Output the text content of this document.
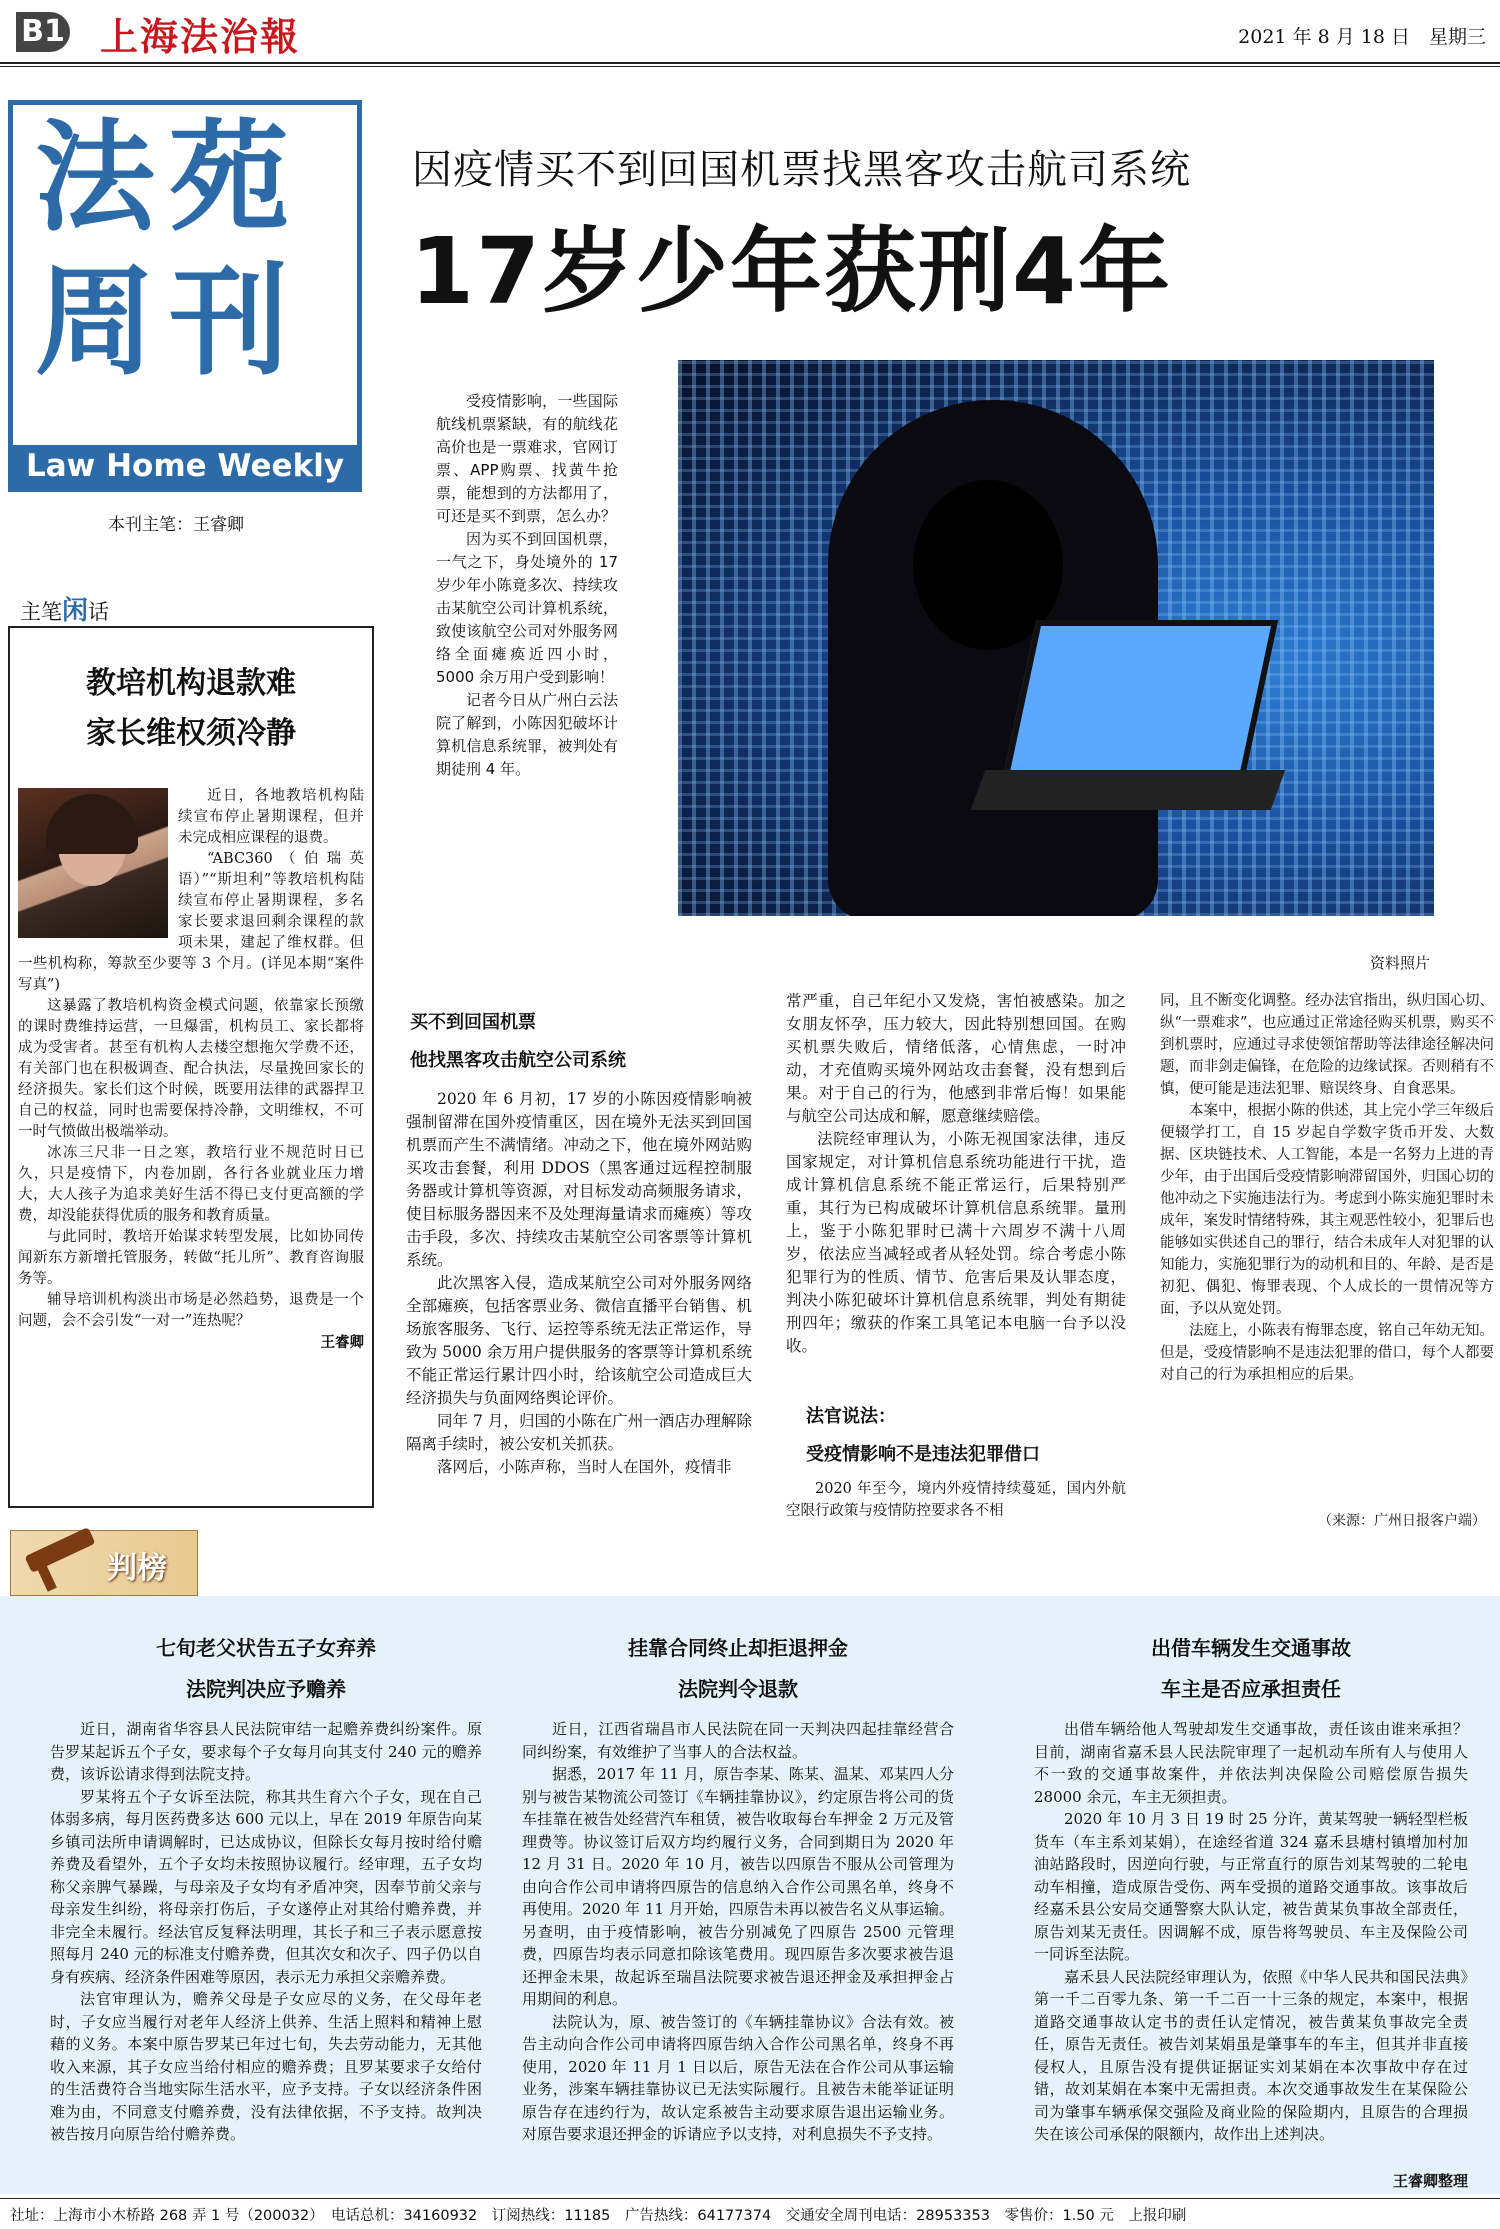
B1 上海法治報	2021 年 8 月 18 日　星期三
法苑
周刊
Law Home Weekly
本刊主笔：王睿卿
主笔闲话
教培机构退款难
家长维权须冷静

近日，各地教培机构陆续宣布停止暑期课程，但并未完成相应课程的退费。

“ABC360（伯瑞英语）”“斯坦利”等教培机构陆续宣布停止暑期课程，多名家长要求退回剩余课程的款项未果，建起了维权群。但一些机构称，筹款至少要等 3 个月。(详见本期“案件写真”)

这暴露了教培机构资金模式问题，依靠家长预缴的课时费维持运营，一旦爆雷，机构员工、家长都将成为受害者。甚至有机构人去楼空想拖欠学费不还，有关部门也在积极调查、配合执法，尽量挽回家长的经济损失。家长们这个时候，既要用法律的武器捍卫自己的权益，同时也需要保持冷静，文明维权，不可一时气愤做出极端举动。

冰冻三尺非一日之寒，教培行业不规范时日已久，只是疫情下，内卷加剧，各行各业就业压力增大，大人孩子为追求美好生活不得已支付更高额的学费，却没能获得优质的服务和教育质量。

与此同时，教培开始谋求转型发展，比如协同传闻新东方新增托管服务，转做“托儿所”、教育咨询服务等。

辅导培训机构淡出市场是必然趋势，退费是一个问题，会不会引发“一对一”连热呢？

王睿卿

因疫情买不到回国机票找黑客攻击航司系统
17岁少年获刑4年

受疫情影响，一些国际航线机票紧缺，有的航线花高价也是一票难求，官网订票、APP购票、找黄牛抢票，能想到的方法都用了，可还是买不到票，怎么办？

因为买不到回国机票，一气之下，身处境外的 17 岁少年小陈竟多次、持续攻击某航空公司计算机系统，致使该航空公司对外服务网络全面瘫痪近四小时，5000 余万用户受到影响！

记者今日从广州白云法院了解到，小陈因犯破坏计算机信息系统罪，被判处有期徒刑 4 年。

资料照片
买不到回国机票
他找黑客攻击航空公司系统

2020 年 6 月初，17 岁的小陈因疫情影响被强制留滞在国外疫情重区，因在境外无法买到回国机票而产生不满情绪。冲动之下，他在境外网站购买攻击套餐，利用 DDOS（黑客通过远程控制服务器或计算机等资源，对目标发动高频服务请求，使目标服务器因来不及处理海量请求而瘫痪）等攻击手段，多次、持续攻击某航空公司客票等计算机系统。

此次黑客入侵，造成某航空公司对外服务网络全部瘫痪，包括客票业务、微信直播平台销售、机场旅客服务、飞行、运控等系统无法正常运作，导致为 5000 余万用户提供服务的客票等计算机系统不能正常运行累计四小时，给该航空公司造成巨大经济损失与负面网络舆论评价。

同年 7 月，归国的小陈在广州一酒店办理解除隔离手续时，被公安机关抓获。

落网后，小陈声称，当时人在国外，疫情非

常严重，自己年纪小又发烧，害怕被感染。加之女朋友怀孕，压力较大，因此特别想回国。在购买机票失败后，情绪低落，心情焦虑，一时冲动，才充值购买境外网站攻击套餐，没有想到后果。对于自己的行为，他感到非常后悔！如果能与航空公司达成和解，愿意继续赔偿。

法院经审理认为，小陈无视国家法律，违反国家规定，对计算机信息系统功能进行干扰，造成计算机信息系统不能正常运行，后果特别严重，其行为已构成破坏计算机信息系统罪。量刑上，鉴于小陈犯罪时已满十六周岁不满十八周岁，依法应当减轻或者从轻处罚。综合考虑小陈犯罪行为的性质、情节、危害后果及认罪态度，判决小陈犯破坏计算机信息系统罪，判处有期徒刑四年；缴获的作案工具笔记本电脑一台予以没收。

法官说法：
受疫情影响不是违法犯罪借口

2020 年至今，境内外疫情持续蔓延，国内外航空限行政策与疫情防控要求各不相

同，且不断变化调整。经办法官指出，纵归国心切、纵“一票难求”，也应通过正常途径购买机票，购买不到机票时，应通过寻求使领馆帮助等法律途径解决问题，而非剑走偏锋，在危险的边缘试探。否则稍有不慎，便可能是违法犯罪、赔误终身、自食恶果。

本案中，根据小陈的供述，其上完小学三年级后便辍学打工，自 15 岁起自学数字货币开发、大数据、区块链技术、人工智能，本是一名努力上进的青少年，由于出国后受疫情影响滞留国外，归国心切的他冲动之下实施违法行为。考虑到小陈实施犯罪时未成年，案发时情绪特殊，其主观恶性较小，犯罪后也能够如实供述自己的罪行，结合未成年人对犯罪的认知能力，实施犯罪行为的动机和目的、年龄、是否是初犯、偶犯、悔罪表现、个人成长的一贯情况等方面，予以从宽处罚。

法庭上，小陈表有悔罪态度，铭自己年幼无知。但是，受疫情影响不是违法犯罪的借口，每个人都要对自己的行为承担相应的后果。

（来源：广州日报客户端）
判榜
七旬老父状告五子女弃养
法院判决应予赡养

近日，湖南省华容县人民法院审结一起赡养费纠纷案件。原告罗某起诉五个子女，要求每个子女每月向其支付 240 元的赡养费，该诉讼请求得到法院支持。

罗某将五个子女诉至法院，称其共生育六个子女，现在自己体弱多病，每月医药费多达 600 元以上，早在 2019 年原告向某乡镇司法所申请调解时，已达成协议，但除长女每月按时给付赡养费及看望外，五个子女均未按照协议履行。经审理，五子女均称父亲脾气暴躁，与母亲及子女均有矛盾冲突，因奉节前父亲与母亲发生纠纷，将母亲打伤后，子女遂停止对其给付赡养费，并非完全未履行。经法官反复释法明理，其长子和三子表示愿意按照每月 240 元的标准支付赡养费，但其次女和次子、四子仍以自身有疾病、经济条件困难等原因，表示无力承担父亲赡养费。

法官审理认为，赡养父母是子女应尽的义务，在父母年老时，子女应当履行对老年人经济上供养、生活上照料和精神上慰藉的义务。本案中原告罗某已年过七旬，失去劳动能力，无其他收入来源，其子女应当给付相应的赡养费；且罗某要求子女给付的生活费符合当地实际生活水平，应予支持。子女以经济条件困难为由，不同意支付赡养费，没有法律依据，不予支持。故判决被告按月向原告给付赡养费。

挂靠合同终止却拒退押金
法院判令退款

近日，江西省瑞昌市人民法院在同一天判决四起挂靠经营合同纠纷案，有效维护了当事人的合法权益。

据悉，2017 年 11 月，原告李某、陈某、温某、邓某四人分别与被告某物流公司签订《车辆挂靠协议》，约定原告将公司的货车挂靠在被告处经营汽车租赁，被告收取每台车押金 2 万元及管理费等。协议签订后双方均约履行义务，合同到期日为 2020 年 12 月 31 日。2020 年 10 月，被告以四原告不服从公司管理为由向合作公司申请将四原告的信息纳入合作公司黑名单，终身不再使用。2020 年 11 月开始，四原告未再以被告名义从事运输。另查明，由于疫情影响，被告分别减免了四原告 2500 元管理费，四原告均表示同意扣除该笔费用。现四原告多次要求被告退还押金未果，故起诉至瑞昌法院要求被告退还押金及承担押金占用期间的利息。

法院认为，原、被告签订的《车辆挂靠协议》合法有效。被告主动向合作公司申请将四原告纳入合作公司黑名单，终身不再使用，2020 年 11 月 1 日以后，原告无法在合作公司从事运输业务，涉案车辆挂靠协议已无法实际履行。且被告未能举证证明原告存在违约行为，故认定系被告主动要求原告退出运输业务。对原告要求退还押金的诉请应予以支持，对利息损失不予支持。

出借车辆发生交通事故
车主是否应承担责任

出借车辆给他人驾驶却发生交通事故，责任该由谁来承担？目前，湖南省嘉禾县人民法院审理了一起机动车所有人与使用人不一致的交通事故案件，并依法判决保险公司赔偿原告损失 28000 余元，车主无须担责。

2020 年 10 月 3 日 19 时 25 分许，黄某驾驶一辆轻型栏板货车（车主系刘某娟），在途经省道 324 嘉禾县塘村镇增加村加油站路段时，因逆向行驶，与正常直行的原告刘某驾驶的二轮电动车相撞，造成原告受伤、两车受损的道路交通事故。该事故后经嘉禾县公安局交通警察大队认定，被告黄某负事故全部责任，原告刘某无责任。因调解不成，原告将驾驶员、车主及保险公司一同诉至法院。

嘉禾县人民法院经审理认为，依照《中华人民共和国民法典》第一千二百零九条、第一千二百一十三条的规定，本案中，根据道路交通事故认定书的责任认定情况，被告黄某负事故完全责任，原告无责任。被告刘某娟虽是肇事车的车主，但其并非直接侵权人，且原告没有提供证据证实刘某娟在本次事故中存在过错，故刘某娟在本案中无需担责。本次交通事故发生在某保险公司为肇事车辆承保交强险及商业险的保险期内，且原告的合理损失在该公司承保的限额内，故作出上述判决。

王睿卿整理
社址：上海市小木桥路 268 弄 1 号（200032）　电话总机：34160932　订阅热线：11185　广告热线：64177374　交通安全周刊电话：28953353　零售价：1.50 元　上报印刷
